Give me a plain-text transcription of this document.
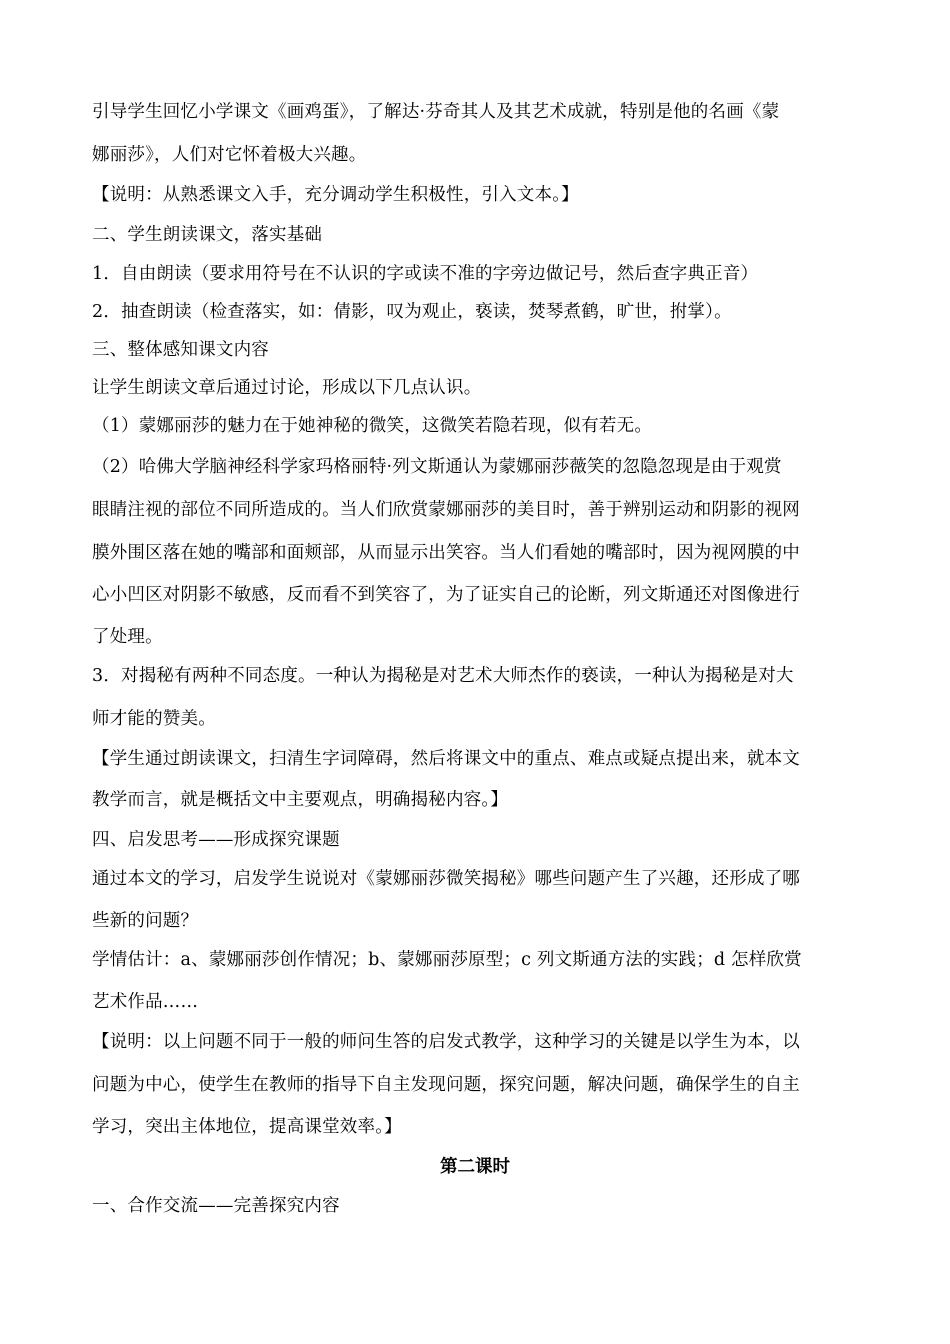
引导学生回忆小学课文《画鸡蛋》，了解达·芬奇其人及其艺术成就，特别是他的名画《蒙
娜丽莎》，人们对它怀着极大兴趣。
【说明：从熟悉课文入手，充分调动学生积极性，引入文本。】
二、学生朗读课文，落实基础
1．自由朗读（要求用符号在不认识的字或读不准的字旁边做记号，然后查字典正音）
2．抽查朗读（检查落实，如：倩影，叹为观止，亵读，焚琴煮鹤，旷世，拊掌）。
三、整体感知课文内容
让学生朗读文章后通过讨论，形成以下几点认识。
（1）蒙娜丽莎的魅力在于她神秘的微笑，这微笑若隐若现，似有若无。
（2）哈佛大学脑神经科学家玛格丽特·列文斯通认为蒙娜丽莎薇笑的忽隐忽现是由于观赏
眼睛注视的部位不同所造成的。当人们欣赏蒙娜丽莎的美目时，善于辨别运动和阴影的视网
膜外围区落在她的嘴部和面颊部，从而显示出笑容。当人们看她的嘴部时，因为视网膜的中
心小凹区对阴影不敏感，反而看不到笑容了，为了证实自己的论断，列文斯通还对图像进行
了处理。
3．对揭秘有两种不同态度。一种认为揭秘是对艺术大师杰作的亵读，一种认为揭秘是对大
师才能的赞美。
【学生通过朗读课文，扫清生字词障碍，然后将课文中的重点、难点或疑点提出来，就本文
教学而言，就是概括文中主要观点，明确揭秘内容。】
四、启发思考——形成探究课题
通过本文的学习，启发学生说说对《蒙娜丽莎微笑揭秘》哪些问题产生了兴趣，还形成了哪
些新的问题？
学情估计：a、蒙娜丽莎创作情况；b、蒙娜丽莎原型；c 列文斯通方法的实践；d 怎样欣赏
艺术作品……
【说明：以上问题不同于一般的师问生答的启发式教学，这种学习的关键是以学生为本，以
问题为中心，使学生在教师的指导下自主发现问题，探究问题，解决问题，确保学生的自主
学习，突出主体地位，提高课堂效率。】
第二课时
一、合作交流——完善探究内容
